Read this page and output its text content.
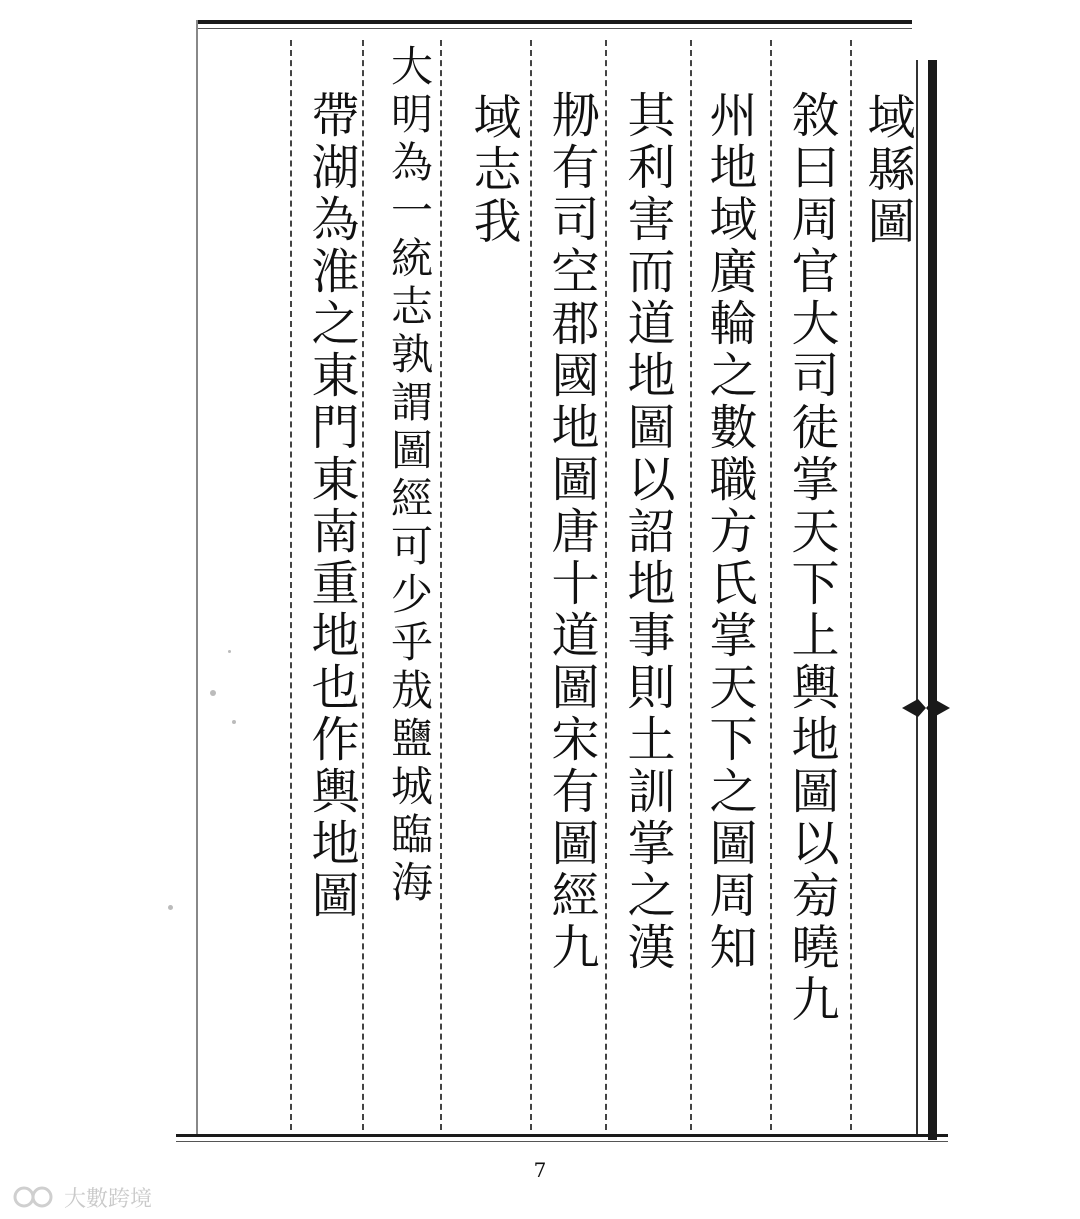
域縣圖
敘曰周官大司徒掌天下上輿地圖以㫄曉九
州地域廣輪之數職方氏掌天下之圖周知
其利害而道地圖以詔地事則土訓掌之漢
刱有司空郡國地圖唐十道圖宋有圖經九
域志我
大明為一統志孰謂圖經可少乎㦲鹽城臨海
帶湖為淮之東門東南重地也作輿地圖
7
大數跨境
